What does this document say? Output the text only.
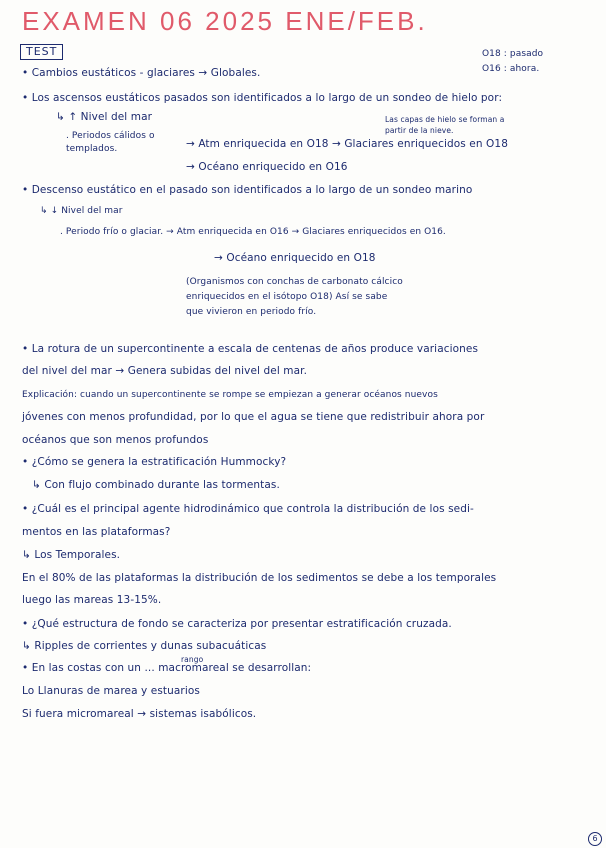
EXAMEN 06 2025 ENE/FEB.
TEST	O18 : pasado
O16 : ahora.
• Cambios eustáticos - glaciares → Globales.
• Los ascensos eustáticos pasados son identificados a lo largo de un sondeo de hielo por:
↳ ↑ Nivel del mar	Las capas de hielo se forman a partir de la nieve.
. Periodos cálidos o templados.	→ Atm enriquecida en O18 → Glaciares enriquecidos en O18
→ Océano enriquecido en O16
• Descenso eustático en el pasado son identificados a lo largo de un sondeo marino
↳ ↓ Nivel del mar
. Periodo frío o glaciar. → Atm enriquecida en O16 → Glaciares enriquecidos en O16.
→ Océano enriquecido en O18
(Organismos con conchas de carbonato cálcico
enriquecidos en el isótopo O18) Así se sabe
que vivieron en periodo frío.
• La rotura de un supercontinente a escala de centenas de años produce variaciones
del nivel del mar → Genera subidas del nivel del mar.
Explicación: cuando un supercontinente se rompe se empiezan a generar océanos nuevos
jóvenes con menos profundidad, por lo que el agua se tiene que redistribuir ahora por
océanos que son menos profundos
• ¿Cómo se genera la estratificación Hummocky?
↳ Con flujo combinado durante las tormentas.
• ¿Cuál es el principal agente hidrodinámico que controla la distribución de los sedi-
mentos en las plataformas?
↳ Los Temporales.
En el 80% de las plataformas la distribución de los sedimentos se debe a los temporales
luego las mareas 13-15%.
• ¿Qué estructura de fondo se caracteriza por presentar estratificación cruzada.
↳ Ripples de corrientes y dunas subacuáticas
rango
• En las costas con un ... macromareal se desarrollan:
Lo Llanuras de marea y estuarios
Si fuera micromareal → sistemas isabólicos.
6
